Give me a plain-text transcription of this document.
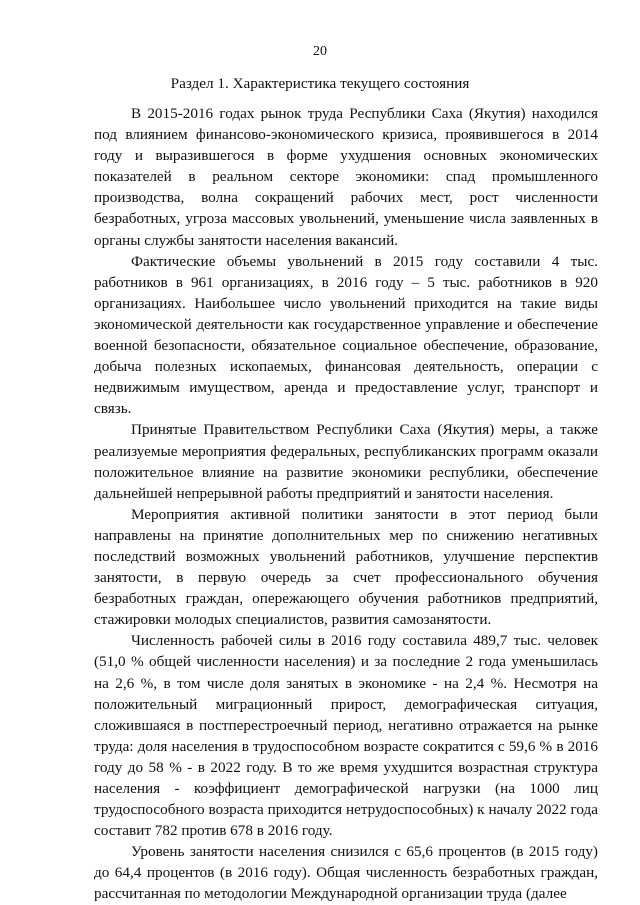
20
Раздел 1. Характеристика текущего состояния

В 2015-2016 годах рынок труда Республики Саха (Якутия) находился под влиянием финансово-экономического кризиса, проявившегося в 2014 году и выразившегося в форме ухудшения основных экономических показателей в реальном секторе экономики: спад промышленного производства, волна сокращений рабочих мест, рост численности безработных, угроза массовых увольнений, уменьшение числа заявленных в органы службы занятости населения вакансий.

Фактические объемы увольнений в 2015 году составили 4 тыс. работников в 961 организациях, в 2016 году – 5 тыс. работников в 920 организациях. Наибольшее число увольнений приходится на такие виды экономической деятельности как государственное управление и обеспечение военной безопасности, обязательное социальное обеспечение, образование, добыча полезных ископаемых, финансовая деятельность, операции с недвижимым имуществом, аренда и предоставление услуг, транспорт и связь.

Принятые Правительством Республики Саха (Якутия) меры, а также реализуемые мероприятия федеральных, республиканских программ оказали положительное влияние на развитие экономики республики, обеспечение дальнейшей непрерывной работы предприятий и занятости населения.

Мероприятия активной политики занятости в этот период были направлены на принятие дополнительных мер по снижению негативных последствий возможных увольнений работников, улучшение перспектив занятости, в первую очередь за счет профессионального обучения безработных граждан, опережающего обучения работников предприятий, стажировки молодых специалистов, развития самозанятости.

Численность рабочей силы в 2016 году составила 489,7 тыс. человек (51,0 % общей численности населения) и за последние 2 года уменьшилась на 2,6 %, в том числе доля занятых в экономике - на 2,4 %. Несмотря на положительный миграционный прирост, демографическая ситуация, сложившаяся в постперестроечный период, негативно отражается на рынке труда: доля населения в трудоспособном возрасте сократится с 59,6 % в 2016 году до 58 % - в 2022 году. В то же время ухудшится возрастная структура населения - коэффициент демографической нагрузки (на 1000 лиц трудоспособного возраста приходится нетрудоспособных) к началу 2022 года составит 782 против 678 в 2016 году.

Уровень занятости населения снизился с 65,6 процентов (в 2015 году) до 64,4 процентов (в 2016 году). Общая численность безработных граждан, рассчитанная по методологии Международной организации труда (далее
